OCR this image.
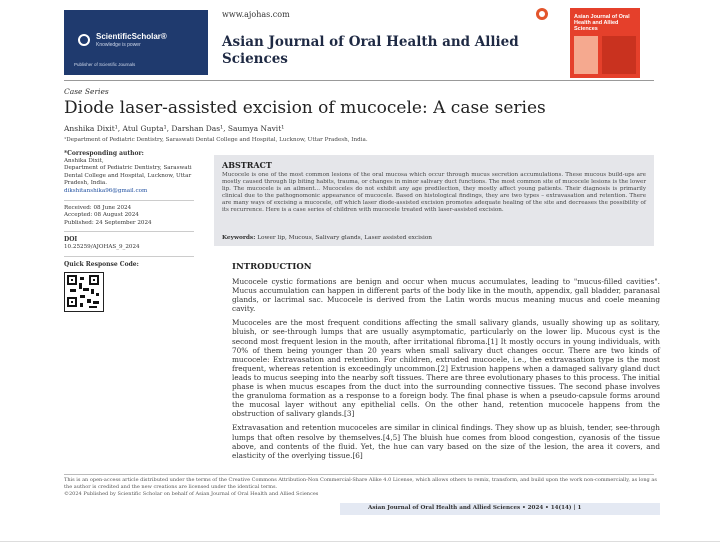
ScientificScholar®
Knowledge is power
Publisher of Scientific Journals
www.ajohas.com
Asian Journal of Oral Health and Allied Sciences
Asian Journal of Oral Health and Allied Sciences
Case Series
Diode laser-assisted excision of mucocele: A case series
Anshika Dixit¹, Atul Gupta¹, Darshan Das¹, Saumya Navit¹
¹Department of Pediatric Dentistry, Saraswati Dental College and Hospital, Lucknow, Uttar Pradesh, India.

*Corresponding author:

Anshika Dixit,

Department of Pediatric Dentistry, Saraswati Dental College and Hospital, Lucknow, Uttar Pradesh, India.

dikshitanshika96@gmail.com

Received: 08 June 2024

Accepted: 08 August 2024

Published: 24 September 2024

DOI

10.25259/AJOHAS_9_2024

Quick Response Code:

ABSTRACT
Mucocele is one of the most common lesions of the oral mucosa which occur through mucus secretion accumulations. These mucous build-ups are mostly caused through lip biting habits, trauma, or changes in minor salivary duct functions. The most common site of mucocele lesions is the lower lip. The mucocele is an ailment... Mucoceles do not exhibit any age predilection, they mostly affect young patients. Their diagnosis is primarily clinical due to the pathognomonic appearance of mucocele. Based on histological findings, they are two types – extravasation and retention. There are many ways of excising a mucocele, off which laser diode-assisted excision promotes adequate healing of the site and decreases the possibility of its recurrence. Here is a case series of children with mucocele treated with laser-assisted excision.
Keywords: Lower lip, Mucous, Salivary glands, Laser assisted excision
INTRODUCTION

Mucocele cystic formations are benign and occur when mucus accumulates, leading to "mucus-filled cavities". Mucus accumulation can happen in different parts of the body like in the mouth, appendix, gall bladder, paranasal glands, or lacrimal sac. Mucocele is derived from the Latin words mucus meaning mucus and coele meaning cavity.

Mucoceles are the most frequent conditions affecting the small salivary glands, usually showing up as solitary, bluish, or see-through lumps that are usually asymptomatic, particularly on the lower lip. Mucous cyst is the second most frequent lesion in the mouth, after irritational fibroma.[1] It mostly occurs in young individuals, with 70% of them being younger than 20 years when small salivary duct changes occur. There are two kinds of mucocele: Extravasation and retention. For children, extruded mucocele, i.e., the extravasation type is the most frequent, whereas retention is exceedingly uncommon.[2] Extrusion happens when a damaged salivary gland duct leads to mucus seeping into the nearby soft tissues. There are three evolutionary phases to this process. The initial phase is when mucus escapes from the duct into the surrounding connective tissues. The second phase involves the granuloma formation as a response to a foreign body. The final phase is when a pseudo-capsule forms around the mucosal layer without any epithelial cells. On the other hand, retention mucocele happens from the obstruction of salivary glands.[3]

Extravasation and retention mucoceles are similar in clinical findings. They show up as bluish, tender, see-through lumps that often resolve by themselves.[4,5] The bluish hue comes from blood congestion, cyanosis of the tissue above, and contents of the fluid. Yet, the hue can vary based on the size of the lesion, the area it covers, and elasticity of the overlying tissue.[6]

This is an open-access article distributed under the terms of the Creative Commons Attribution-Non Commercial-Share Alike 4.0 License, which allows others to remix, transform, and build upon the work non-commercially, as long as the author is credited and the new creations are licensed under the identical terms.
©2024 Published by Scientific Scholar on behalf of Asian Journal of Oral Health and Allied Sciences
Asian Journal of Oral Health and Allied Sciences • 2024 • 14(14) | 1
